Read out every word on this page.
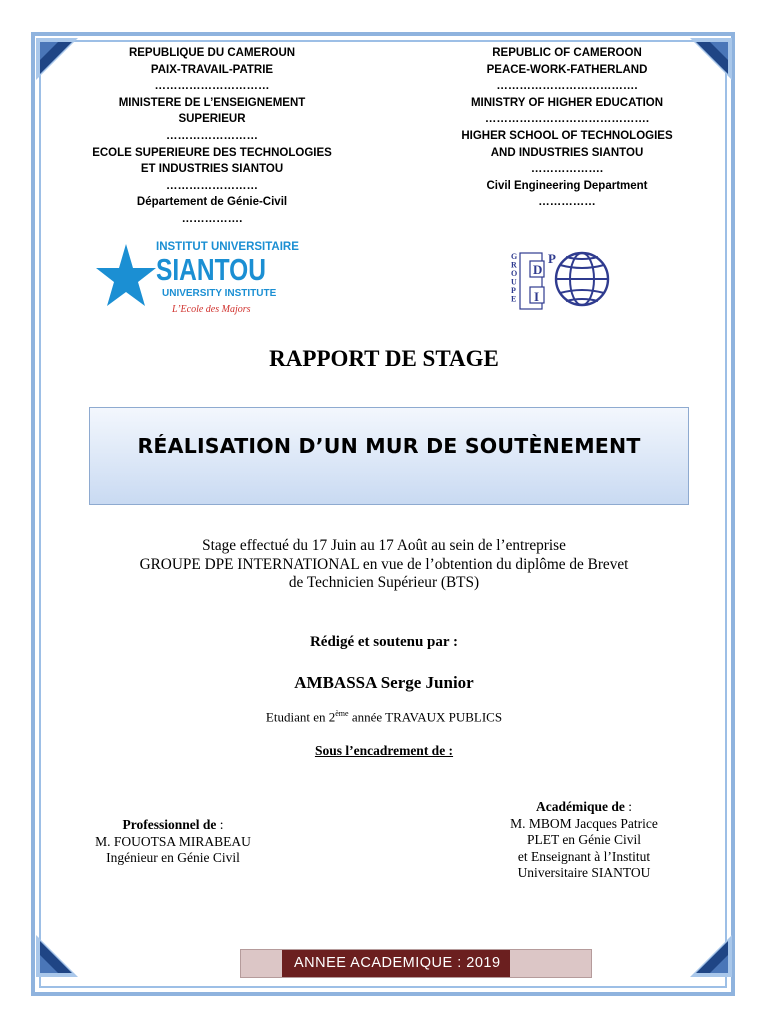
REPUBLIQUE DU CAMEROUN
PAIX-TRAVAIL-PATRIE
…………………………
MINISTERE DE L’ENSEIGNEMENT
SUPERIEUR
……………………
ECOLE SUPERIEURE DES TECHNOLOGIES
ET INDUSTRIES SIANTOU
……………………
Département de Génie-Civil
…………….
REPUBLIC OF CAMEROON
PEACE-WORK-FATHERLAND
……………………………….
MINISTRY OF HIGHER EDUCATION
…………………………………….
HIGHER SCHOOL OF TECHNOLOGIES
AND INDUSTRIES SIANTOU
……………….
Civil Engineering Department
……………
INSTITUT UNIVERSITAIRE
SIANTOU
UNIVERSITY INSTITUTE
L’Ecole des Majors
G R O U P E
D
P
I
RAPPORT DE STAGE
RÉALISATION D’UN MUR DE SOUTÈNEMENT
Stage effectué du 17 Juin au 17 Août au sein de l’entreprise
GROUPE DPE INTERNATIONAL en vue de l’obtention du diplôme de Brevet
de Technicien Supérieur (BTS)
Rédigé et soutenu par :
AMBASSA Serge Junior
Etudiant en 2ème année TRAVAUX PUBLICS
Sous l’encadrement de :
Professionnel de :
M. FOUOTSA MIRABEAU
Ingénieur en Génie Civil
Académique de :
M. MBOM Jacques Patrice
PLET en Génie Civil
et Enseignant à l’Institut
Universitaire SIANTOU
ANNEE ACADEMIQUE : 2019 -
